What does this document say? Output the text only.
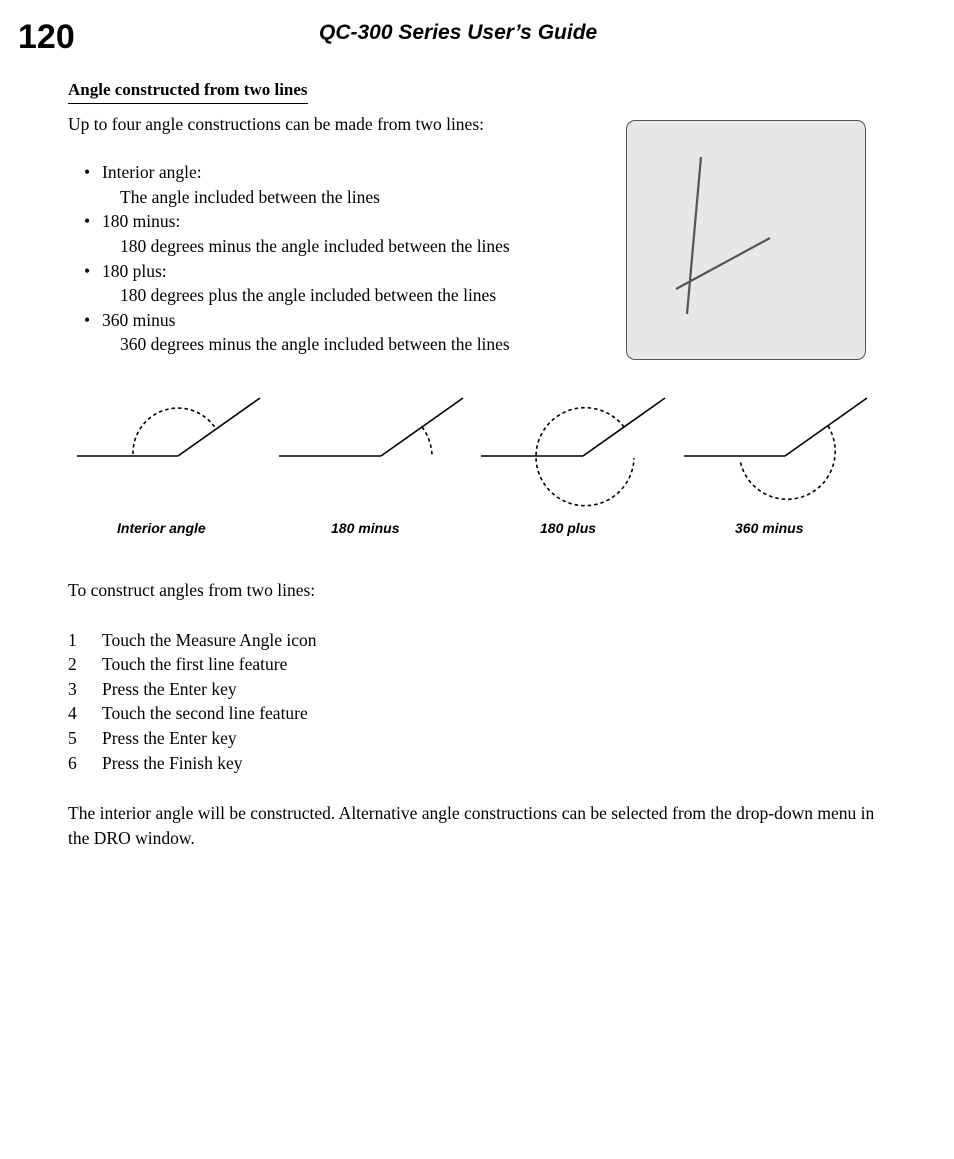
120	QC-300 Series User’s Guide
Angle constructed from two lines
Up to four angle constructions can be made from two lines:
• Interior angle:
The angle included between the lines
• 180 minus:
180 degrees minus the angle included between the lines
• 180 plus:
180 degrees plus the angle included between the lines
• 360 minus
360 degrees minus the angle included between the lines
Interior angle	180 minus	180 plus	360 minus
To construct angles from two lines:
1 Touch the Measure Angle icon
2 Touch the first line feature
3 Press the Enter key
4 Touch the second line feature
5 Press the Enter key
6 Press the Finish key
The interior angle will be constructed. Alternative angle constructions can be selected from the drop-down menu in the DRO window.
